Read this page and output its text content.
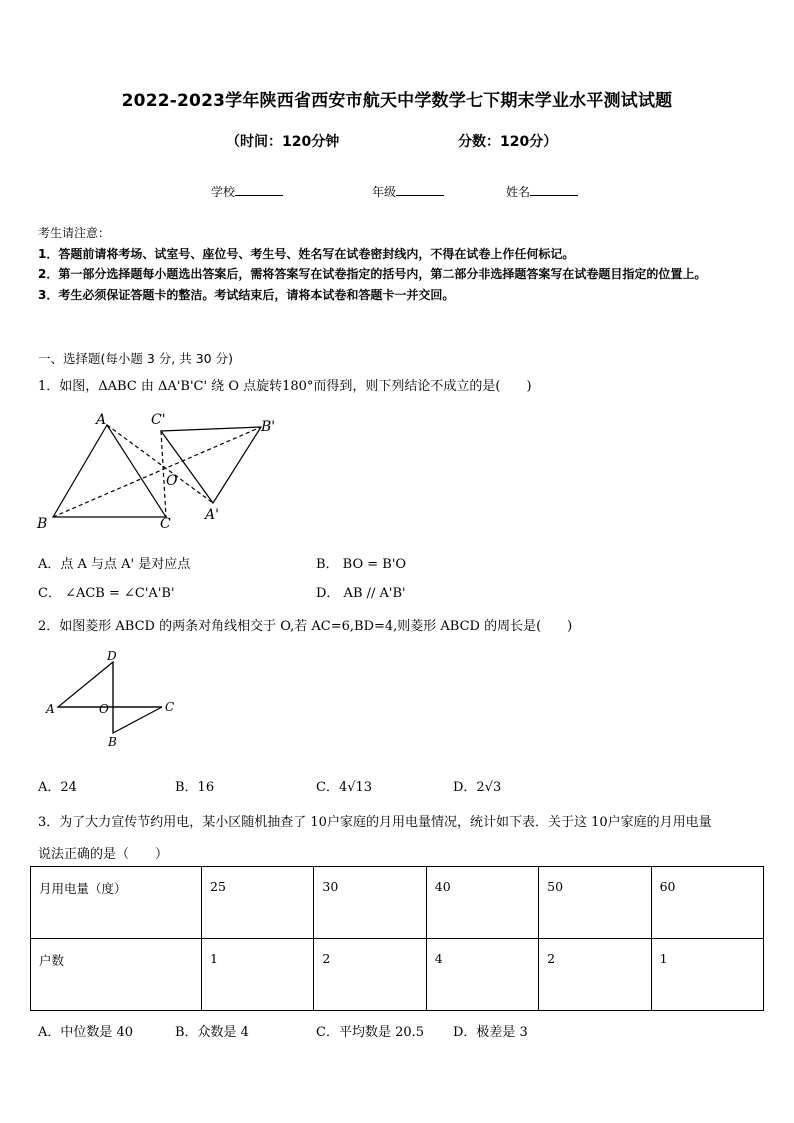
2022-2023学年陕西省西安市航天中学数学七下期末学业水平测试试题
（时间：120分钟	分数：120分）
学校	年级	姓名
考生请注意：
1．答题前请将考场、试室号、座位号、考生号、姓名写在试卷密封线内，不得在试卷上作任何标记。
2．第一部分选择题每小题选出答案后，需将答案写在试卷指定的括号内，第二部分非选择题答案写在试卷题目指定的位置上。
3．考生必须保证答题卡的整洁。考试结束后，请将本试卷和答题卡一并交回。
一、选择题(每小题 3 分, 共 30 分)
1．如图，ΔABC 由 ΔA'B'C' 绕 O 点旋转180°而得到，则下列结论不成立的是(　　)
A
B	C
O
C'	B'
A'
A．点 A 与点 A' 是对应点	B． BO = B'O
C． ∠ACB = ∠C'A'B'	D． AB // A'B'
2．如图菱形 ABCD 的两条对角线相交于 O,若 AC=6,BD=4,则菱形 ABCD 的周长是(　　)
D
A	O	C
B
A．24	B．16	C．4√13	D．2√3
3．为了大力宣传节约用电，某小区随机抽查了 10户家庭的月用电量情况，统计如下表．关于这 10户家庭的月用电量
说法正确的是（　　）
月用电量（度）	25	30	40	50	60
户数	1	2	4	2	1
A．中位数是 40	B．众数是 4	C．平均数是 20.5 D．极差是 3
